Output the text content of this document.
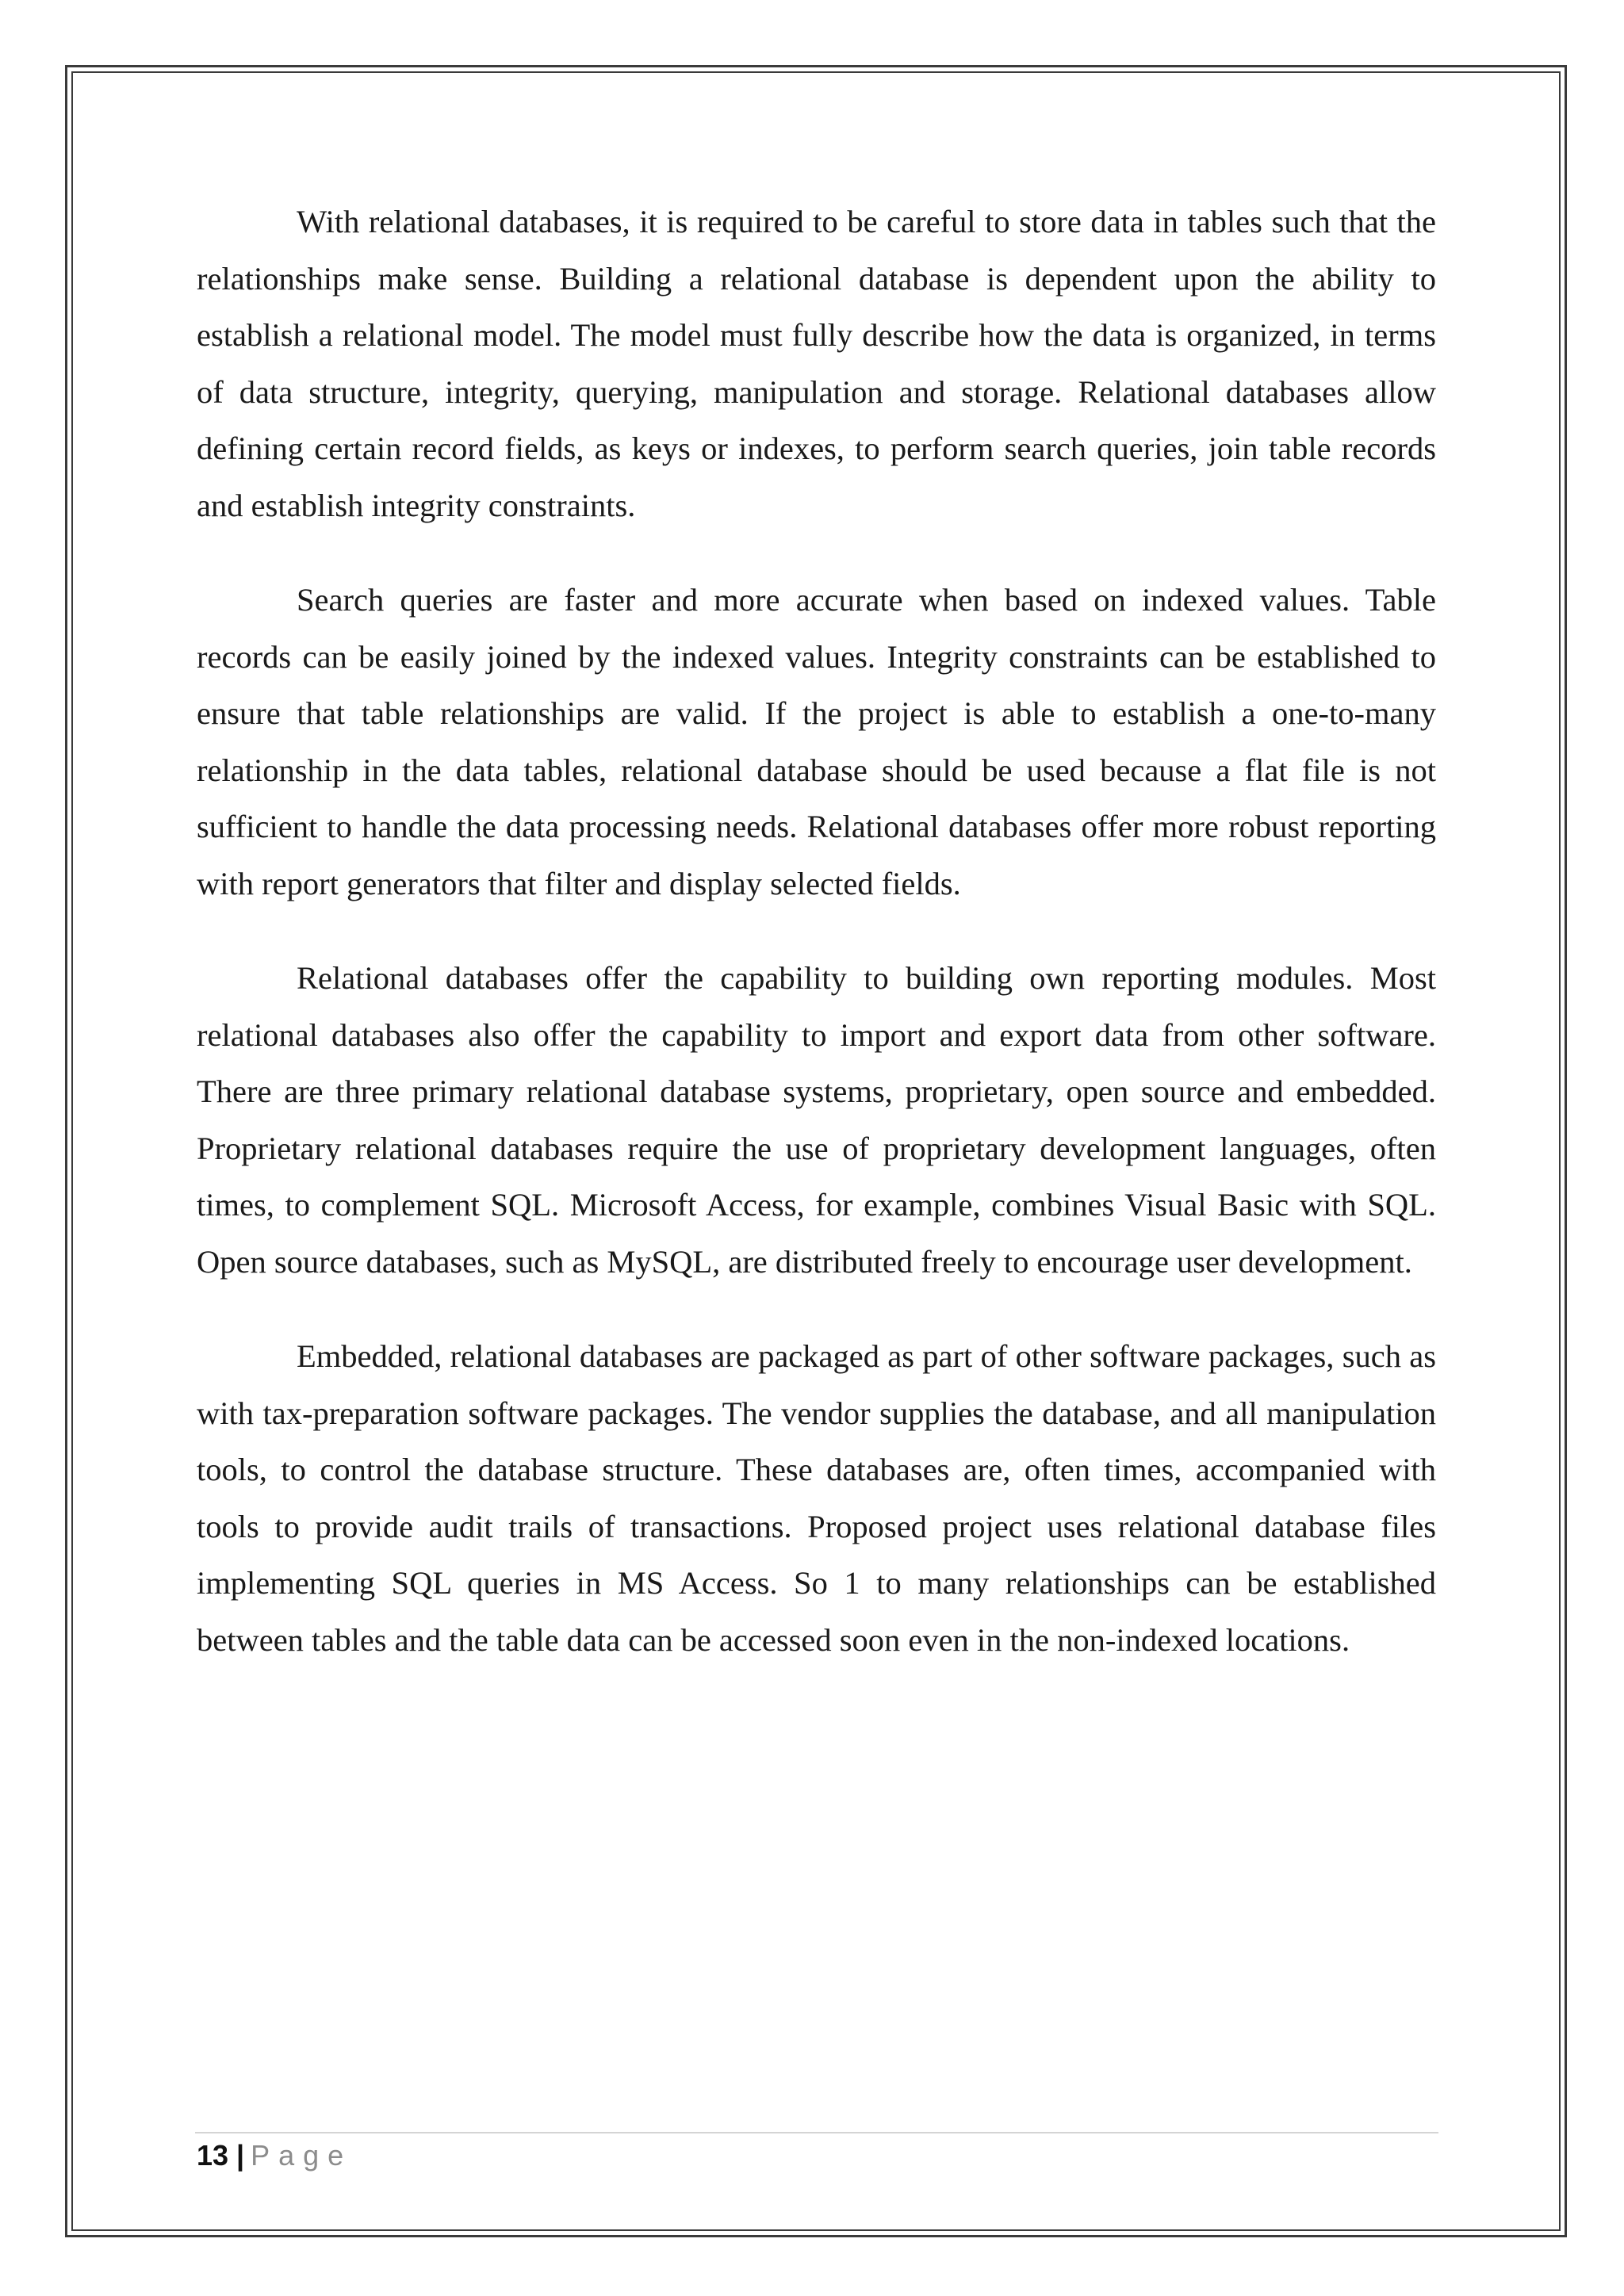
With relational databases, it is required to be careful to store data in tables such that the relationships make sense. Building a relational database is dependent upon the ability to establish a relational model. The model must fully describe how the data is organized, in terms of data structure, integrity, querying, manipulation and storage. Relational databases allow defining certain record fields, as keys or indexes, to perform search queries, join table records and establish integrity constraints.

Search queries are faster and more accurate when based on indexed values. Table records can be easily joined by the indexed values. Integrity constraints can be established to ensure that table relationships are valid. If the project is able to establish a one-to-many relationship in the data tables, relational database should be used because a flat file is not sufficient to handle the data processing needs. Relational databases offer more robust reporting with report generators that filter and display selected fields.

Relational databases offer the capability to building own reporting modules. Most relational databases also offer the capability to import and export data from other software. There are three primary relational database systems, proprietary, open source and embedded. Proprietary relational databases require the use of proprietary development languages, often times, to complement SQL. Microsoft Access, for example, combines Visual Basic with SQL. Open source databases, such as MySQL, are distributed freely to encourage user development.

Embedded, relational databases are packaged as part of other software packages, such as with tax-preparation software packages. The vendor supplies the database, and all manipulation tools, to control the database structure. These databases are, often times, accompanied with tools to provide audit trails of transactions. Proposed project uses relational database files implementing SQL queries in MS Access. So 1 to many relationships can be established between tables and the table data can be accessed soon even in the non-indexed locations.

13 | Page
